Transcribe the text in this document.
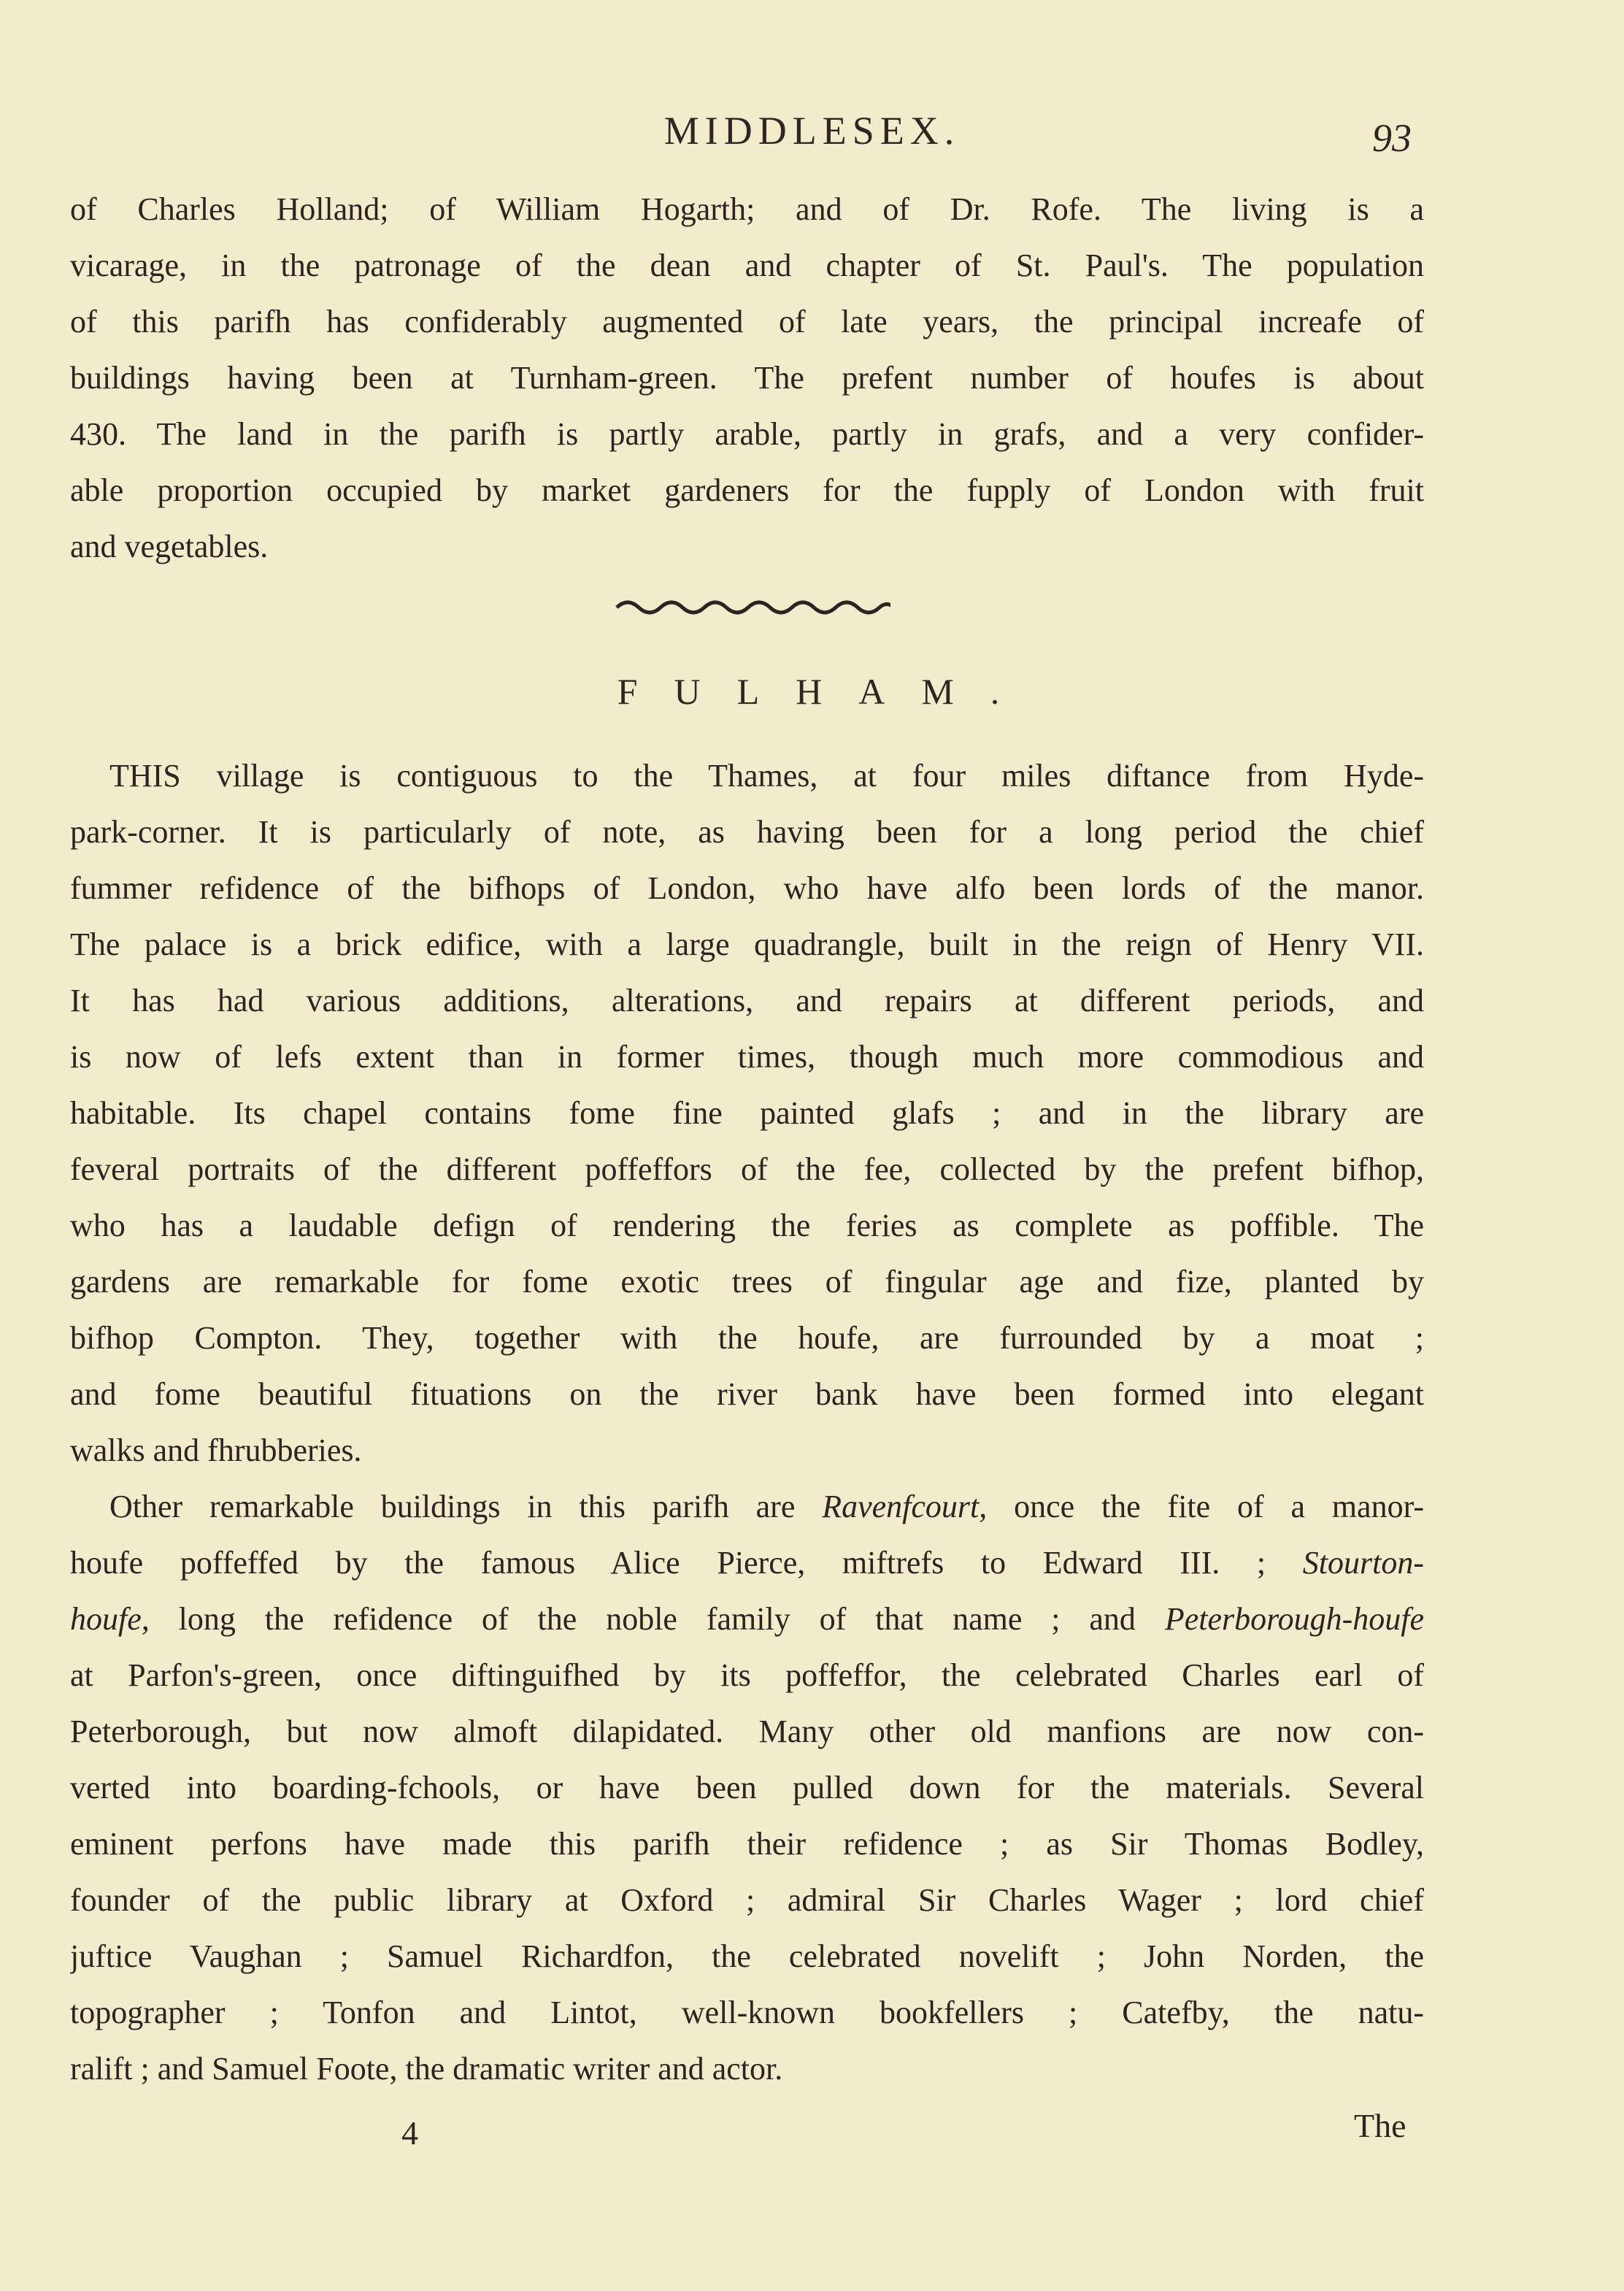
MIDDLESEX.	93
of Charles Holland; of William Hogarth; and of Dr. Rofe. The living is a
vicarage, in the patronage of the dean and chapter of St. Paul's. The population
of this parifh has confiderably augmented of late years, the principal increafe of
buildings having been at Turnham-green. The prefent number of houfes is about
430. The land in the parifh is partly arable, partly in grafs, and a very confider-
able proportion occupied by market gardeners for the fupply of London with fruit
and vegetables.
FULHAM.
THIS village is contiguous to the Thames, at four miles diftance from Hyde-
park-corner. It is particularly of note, as having been for a long period the chief
fummer refidence of the bifhops of London, who have alfo been lords of the manor.
The palace is a brick edifice, with a large quadrangle, built in the reign of Henry VII.
It has had various additions, alterations, and repairs at different periods, and
is now of lefs extent than in former times, though much more commodious and
habitable. Its chapel contains fome fine painted glafs ; and in the library are
feveral portraits of the different poffeffors of the fee, collected by the prefent bifhop,
who has a laudable defign of rendering the feries as complete as poffible. The
gardens are remarkable for fome exotic trees of fingular age and fize, planted by
bifhop Compton. They, together with the houfe, are furrounded by a moat ;
and fome beautiful fituations on the river bank have been formed into elegant
walks and fhrubberies.
Other remarkable buildings in this parifh are Ravenfcourt, once the fite of a manor-
houfe poffeffed by the famous Alice Pierce, miftrefs to Edward III. ; Stourton-
houfe, long the refidence of the noble family of that name ; and Peterborough-houfe
at Parfon's-green, once diftinguifhed by its poffeffor, the celebrated Charles earl of
Peterborough, but now almoft dilapidated. Many other old manfions are now con-
verted into boarding-fchools, or have been pulled down for the materials. Several
eminent perfons have made this parifh their refidence ; as Sir Thomas Bodley,
founder of the public library at Oxford ; admiral Sir Charles Wager ; lord chief
juftice Vaughan ; Samuel Richardfon, the celebrated novelift ; John Norden, the
topographer ; Tonfon and Lintot, well-known bookfellers ; Catefby, the natu-
ralift ; and Samuel Foote, the dramatic writer and actor.
4	The
